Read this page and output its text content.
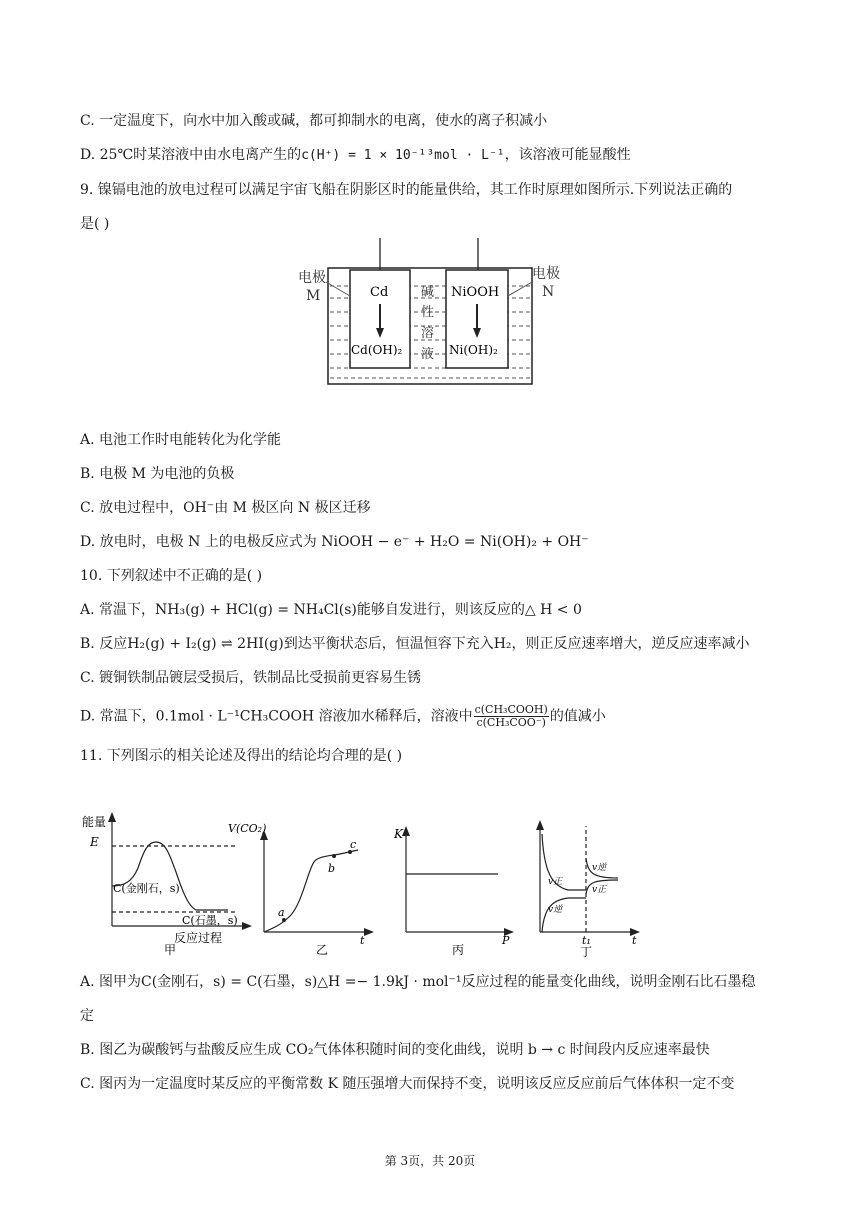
C. 一定温度下，向水中加入酸或碱，都可抑制水的电离，使水的离子积减小
D. 25℃时某溶液中由水电离产生的c(H⁺) = 1 × 10⁻¹³mol · L⁻¹，该溶液可能显酸性
9. 镍镉电池的放电过程可以满足宇宙飞船在阴影区时的能量供给，其工作时原理如图所示.下列说法正确的
是( )
电极
M
电极
N
Cd
Cd(OH)₂
NiOOH
Ni(OH)₂
碱
性
溶
液
A. 电池工作时电能转化为化学能
B. 电极 M 为电池的负极
C. 放电过程中，OH⁻由 M 极区向 N 极区迁移
D. 放电时，电极 N 上的电极反应式为 NiOOH − e⁻ + H₂O = Ni(OH)₂ + OH⁻
10. 下列叙述中不正确的是( )
A. 常温下，NH₃(g) + HCl(g) = NH₄Cl(s)能够自发进行，则该反应的△ H < 0
B. 反应H₂(g) + I₂(g) ⇌ 2HI(g)到达平衡状态后，恒温恒容下充入H₂，则正反应速率增大，逆反应速率减小
C. 镀铜铁制品镀层受损后，铁制品比受损前更容易生锈
D. 常温下，0.1mol · L⁻¹CH₃COOH 溶液加水稀释后，溶液中 $\frac{\text{c(CH₃COOH)}}{\text{c(CH₃COO⁻)}}$ 的值减小
11. 下列图示的相关论述及得出的结论均合理的是( )
能量
E
C(金刚石，s)
C(石墨，s)
反应过程
甲
V(CO₂)
a
b
c
t
乙
K
P
丙
v正
v逆
v逆
v正
t₁	t
丁
A. 图甲为C(金刚石，s) = C(石墨，s)△H =− 1.9kJ · mol⁻¹反应过程的能量变化曲线，说明金刚石比石墨稳
定
B. 图乙为碳酸钙与盐酸反应生成 CO₂气体体积随时间的变化曲线，说明 b → c 时间段内反应速率最快
C. 图丙为一定温度时某反应的平衡常数 K 随压强增大而保持不变，说明该反应反应前后气体体积一定不变
第 3页，共 20页
